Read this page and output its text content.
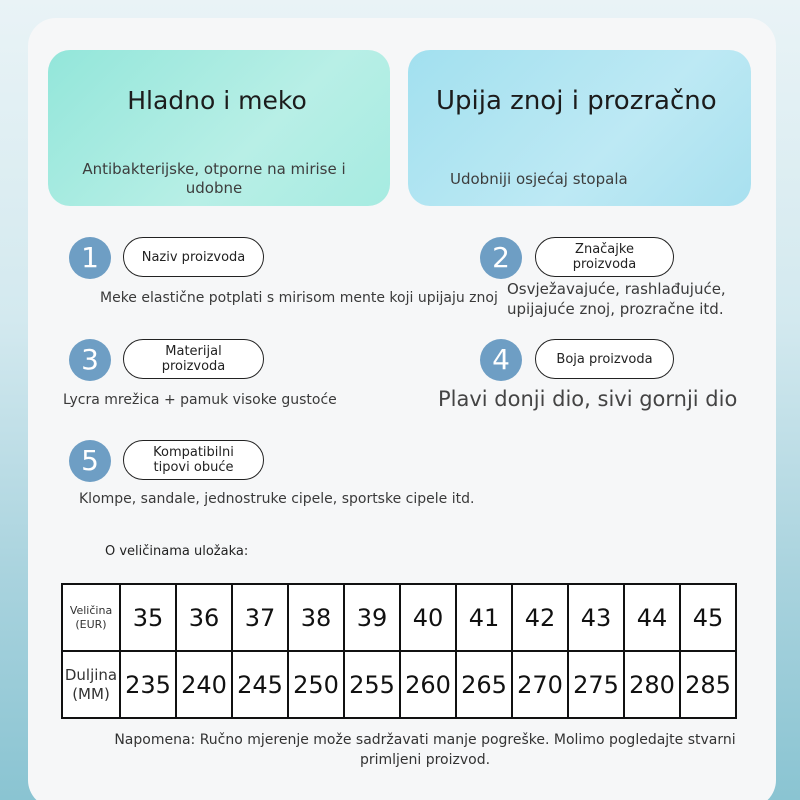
Hladno i meko
Antibakterijske, otporne na mirise i udobne
Upija znoj i prozračno
Udobniji osjećaj stopala
1	Naziv proizvoda
Meke elastične potplati s mirisom mente koji upijaju znoj
2	Značajke proizvoda
Osvježavajuće, rashlađujuće, upijajuće znoj, prozračne itd.
3	Materijal proizvoda
Lycra mrežica + pamuk visoke gustoće
4	Boja proizvoda
Plavi donji dio, sivi gornji dio
5	Kompatibilni tipovi obuće
Klompe, sandale, jednostruke cipele, sportske cipele itd.
O veličinama uložaka:
Veličina (EUR)	35	36	37	38	39	40	41	42	43	44	45
Duljina (MM)	235	240	245	250	255	260	265	270	275	280	285
Napomena: Ručno mjerenje može sadržavati manje pogreške. Molimo pogledajte stvarni primljeni proizvod.
